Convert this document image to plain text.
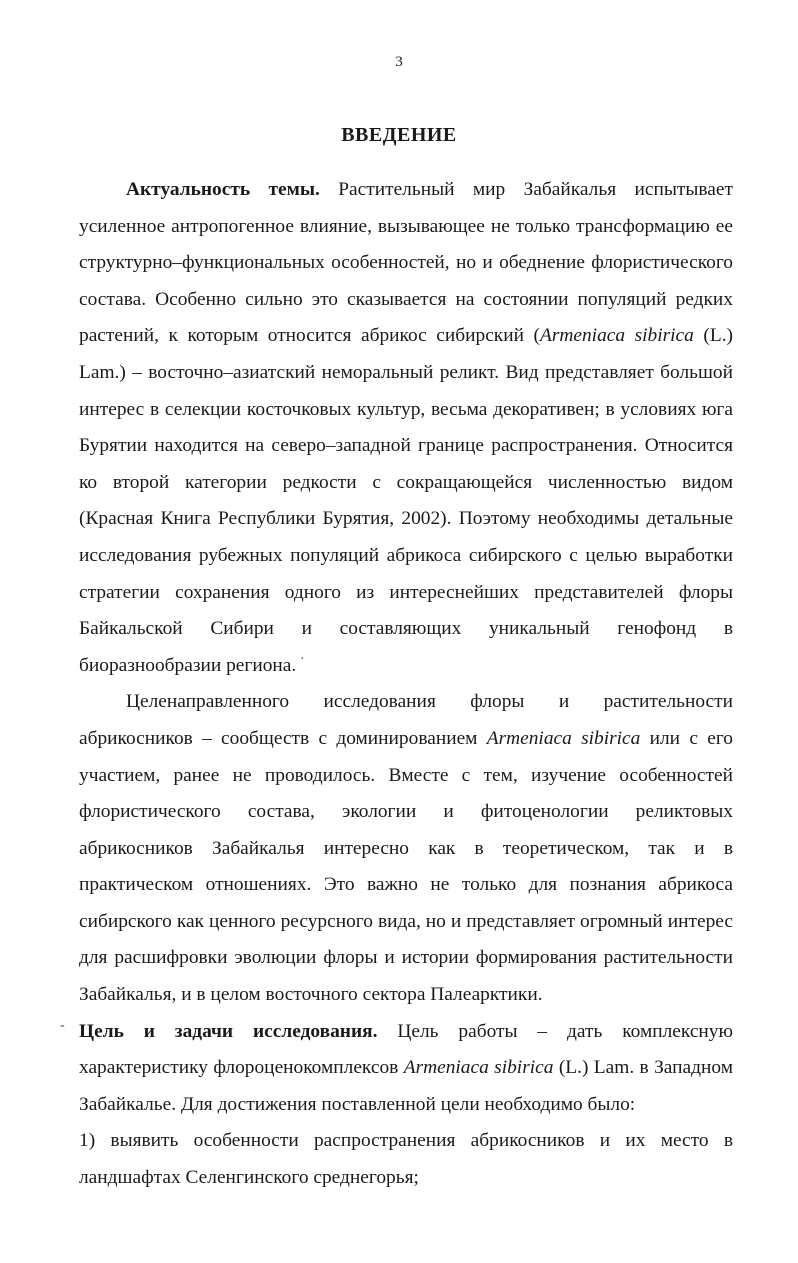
3
ВВЕДЕНИЕ

Актуальность темы. Растительный мир Забайкалья испытывает усиленное антропогенное влияние, вызывающее не только трансформацию ее структурно–функциональных особенностей, но и обеднение флористического состава. Особенно сильно это сказывается на состоянии популяций редких растений, к которым относится абрикос сибирский (Armeniaca sibirica (L.) Lam.) – восточно–азиатский неморальный реликт. Вид представляет большой интерес в селекции косточковых культур, весьма декоративен; в условиях юга Бурятии находится на северо–западной границе распространения. Относится ко второй категории редкости с сокращающейся численностью видом (Красная Книга Республики Бурятия, 2002). Поэтому необходимы детальные исследования рубежных популяций абрикоса сибирского с целью выработки стратегии сохранения одного из интереснейших представителей флоры Байкальской Сибири и составляющих уникальный генофонд в биоразнообразии региона.

Целенаправленного исследования флоры и растительности абрикосников – сообществ с доминированием Armeniaca sibirica или с его участием, ранее не проводилось. Вместе с тем, изучение особенностей флористического состава, экологии и фитоценологии реликтовых абрикосников Забайкалья интересно как в теоретическом, так и в практическом отношениях. Это важно не только для познания абрикоса сибирского как ценного ресурсного вида, но и представляет огромный интерес для расшифровки эволюции флоры и истории формирования растительности Забайкалья, и в целом восточного сектора Палеарктики.

Цель и задачи исследования. Цель работы – дать комплексную характеристику флороценокомплексов Armeniaca sibirica (L.) Lam. в Западном Забайкалье. Для достижения поставленной цели необходимо было:

1) выявить особенности распространения абрикосников и их место в ландшафтах Селенгинского среднегорья;

·
-
